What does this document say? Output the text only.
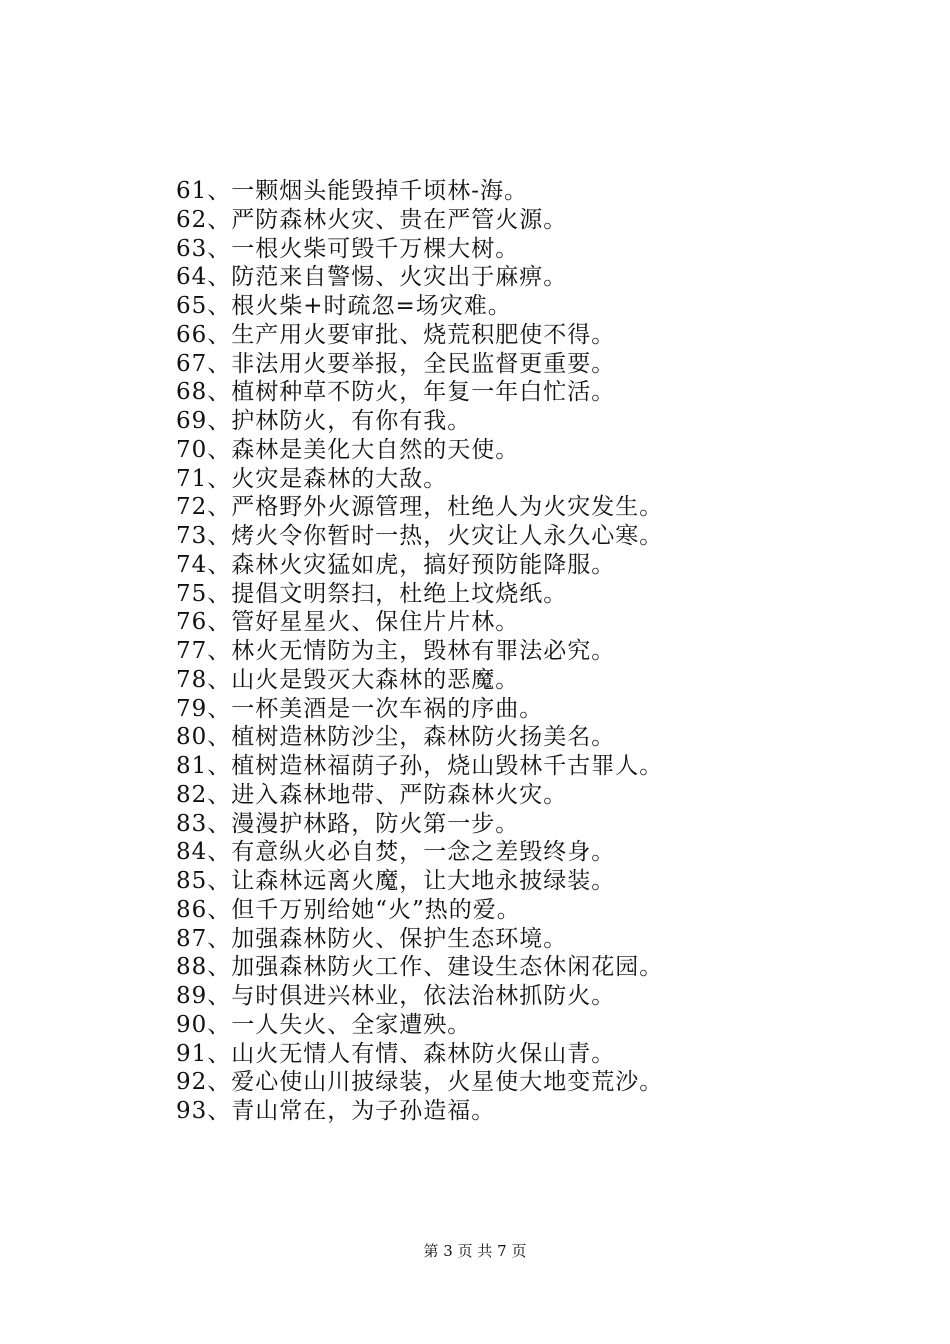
61、一颗烟头能毁掉千顷林-海。
62、严防森林火灾、贵在严管火源。
63、一根火柴可毁千万棵大树。
64、防范来自警惕、火灾出于麻痹。
65、根火柴+时疏忽=场灾难。
66、生产用火要审批、烧荒积肥使不得。
67、非法用火要举报，全民监督更重要。
68、植树种草不防火，年复一年白忙活。
69、护林防火，有你有我。
70、森林是美化大自然的天使。
71、火灾是森林的大敌。
72、严格野外火源管理，杜绝人为火灾发生。
73、烤火令你暂时一热，火灾让人永久心寒。
74、森林火灾猛如虎，搞好预防能降服。
75、提倡文明祭扫，杜绝上坟烧纸。
76、管好星星火、保住片片林。
77、林火无情防为主，毁林有罪法必究。
78、山火是毁灭大森林的恶魔。
79、一杯美酒是一次车祸的序曲。
80、植树造林防沙尘，森林防火扬美名。
81、植树造林福荫子孙，烧山毁林千古罪人。
82、进入森林地带、严防森林火灾。
83、漫漫护林路，防火第一步。
84、有意纵火必自焚，一念之差毁终身。
85、让森林远离火魔，让大地永披绿装。
86、但千万别给她“火”热的爱。
87、加强森林防火、保护生态环境。
88、加强森林防火工作、建设生态休闲花园。
89、与时俱进兴林业，依法治林抓防火。
90、一人失火、全家遭殃。
91、山火无情人有情、森林防火保山青。
92、爱心使山川披绿装，火星使大地变荒沙。
93、青山常在，为子孙造福。
第 3 页 共 7 页
